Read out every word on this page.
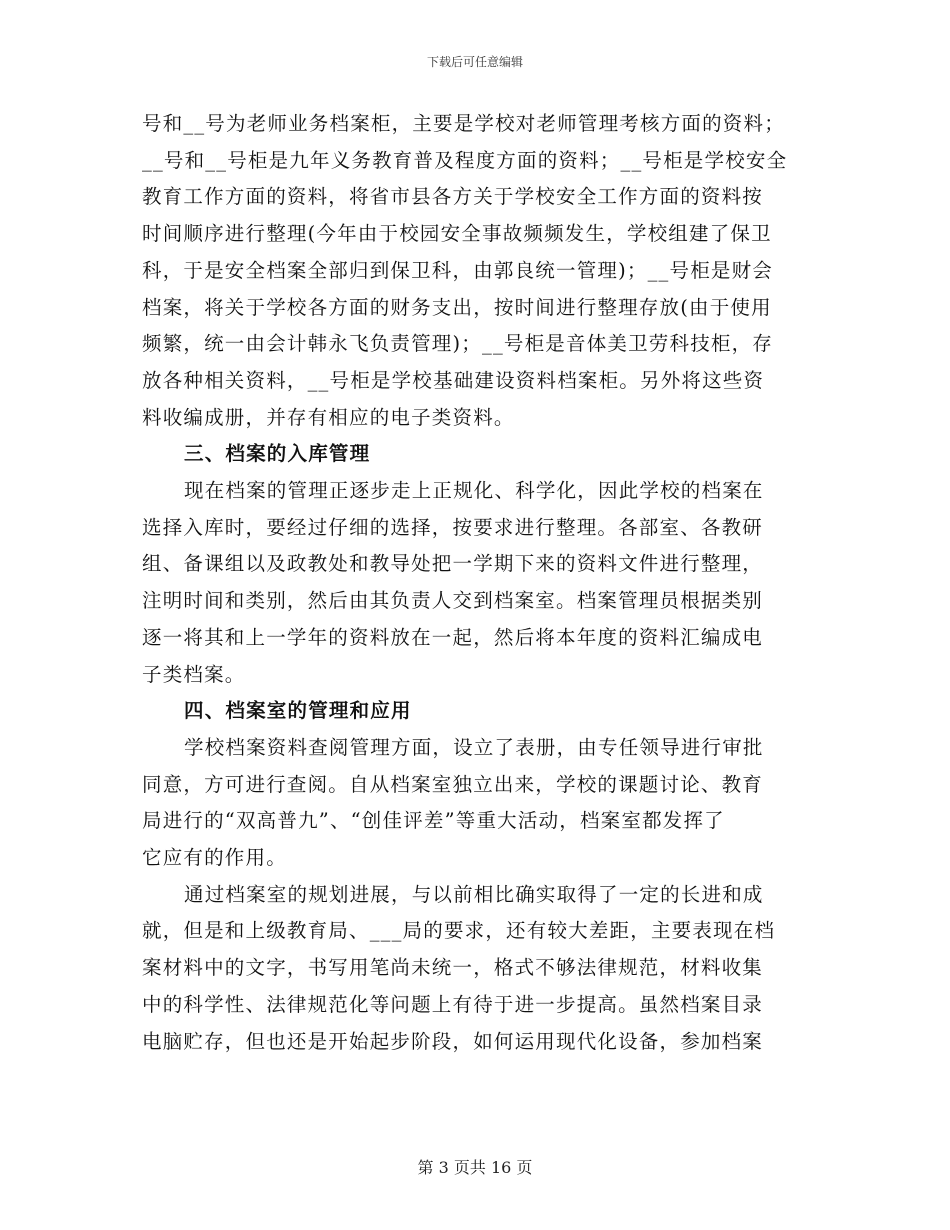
下载后可任意编辑
号和__号为老师业务档案柜，主要是学校对老师管理考核方面的资料；
__号和__号柜是九年义务教育普及程度方面的资料；__号柜是学校安全
教育工作方面的资料，将省市县各方关于学校安全工作方面的资料按
时间顺序进行整理(今年由于校园安全事故频频发生，学校组建了保卫
科，于是安全档案全部归到保卫科，由郭良统一管理)；__号柜是财会
档案，将关于学校各方面的财务支出，按时间进行整理存放(由于使用
频繁，统一由会计韩永飞负责管理)；__号柜是音体美卫劳科技柜，存
放各种相关资料，__号柜是学校基础建设资料档案柜。另外将这些资
料收编成册，并存有相应的电子类资料。
三、档案的入库管理
现在档案的管理正逐步走上正规化、科学化，因此学校的档案在
选择入库时，要经过仔细的选择，按要求进行整理。各部室、各教研
组、备课组以及政教处和教导处把一学期下来的资料文件进行整理，
注明时间和类别，然后由其负责人交到档案室。档案管理员根据类别
逐一将其和上一学年的资料放在一起，然后将本年度的资料汇编成电
子类档案。
四、档案室的管理和应用
学校档案资料查阅管理方面，设立了表册，由专任领导进行审批
同意，方可进行查阅。自从档案室独立出来，学校的课题讨论、教育
局进行的“双高普九”、“创佳评差”等重大活动，档案室都发挥了
它应有的作用。
通过档案室的规划进展，与以前相比确实取得了一定的长进和成
就，但是和上级教育局、___局的要求，还有较大差距，主要表现在档
案材料中的文字，书写用笔尚未统一，格式不够法律规范，材料收集
中的科学性、法律规范化等问题上有待于进一步提高。虽然档案目录
电脑贮存，但也还是开始起步阶段，如何运用现代化设备，参加档案
第 3 页共 16 页
